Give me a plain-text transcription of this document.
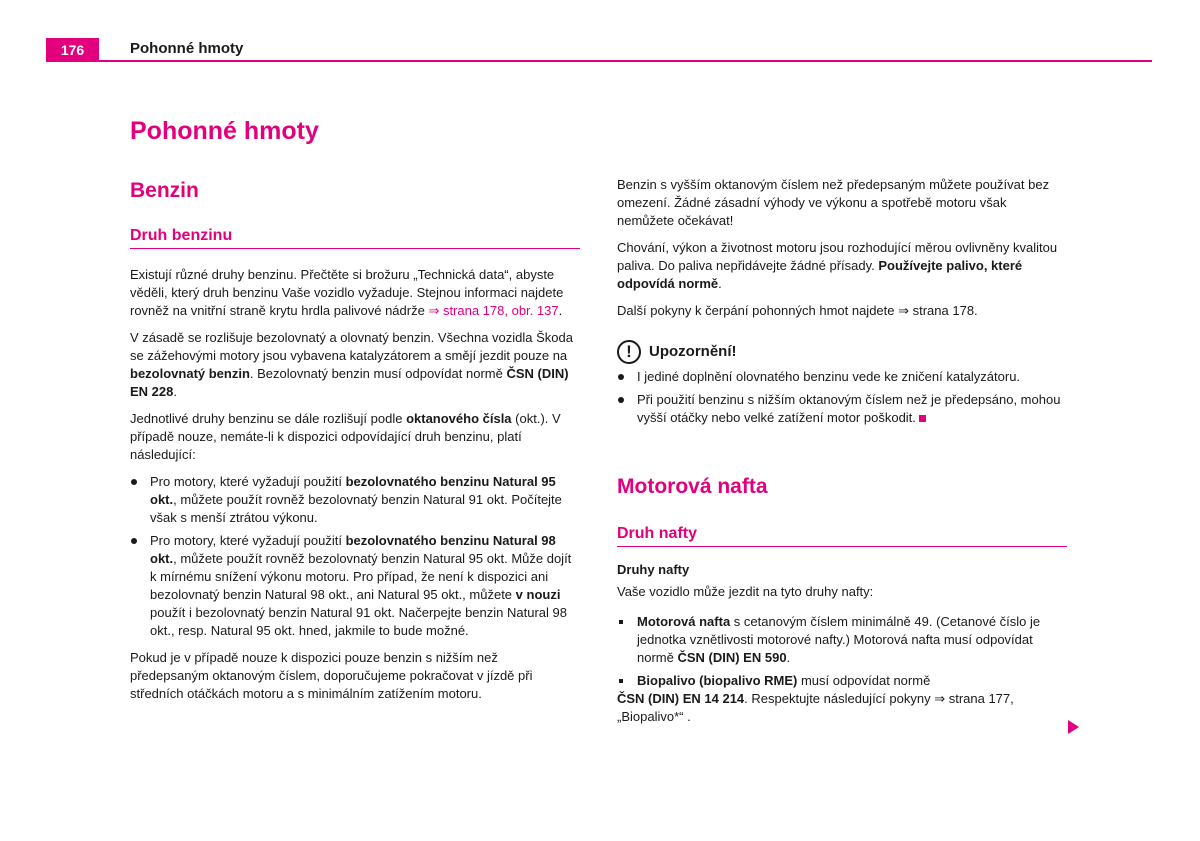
176	Pohonné hmoty
Pohonné hmoty
Benzin
Druh benzinu

Existují různé druhy benzinu. Přečtěte si brožuru „Technická data“, abyste věděli, který druh benzinu Vaše vozidlo vyžaduje. Stejnou informaci najdete rovněž na vnitřní straně krytu hrdla palivové nádrže ⇒ strana 178, obr. 137.

V zásadě se rozlišuje bezolovnatý a olovnatý benzin. Všechna vozidla Škoda se zážehovými motory jsou vybavena katalyzátorem a smějí jezdit pouze na bezolovnatý benzin. Bezolovnatý benzin musí odpovídat normě ČSN (DIN) EN 228.

Jednotlivé druhy benzinu se dále rozlišují podle oktanového čísla (okt.). V případě nouze, nemáte-li k dispozici odpovídající druh benzinu, platí následující:

Pro motory, které vyžadují použití bezolovnatého benzinu Natural 95 okt., můžete použít rovněž bezolovnatý benzin Natural 91 okt. Počítejte však s menší ztrátou výkonu.

Pro motory, které vyžadují použití bezolovnatého benzinu Natural 98 okt., můžete použít rovněž bezolovnatý benzin Natural 95 okt. Může dojít k mírnému snížení výkonu motoru. Pro případ, že není k dispozici ani bezolovnatý benzin Natural 98 okt., ani Natural 95 okt., můžete v nouzi použít i bezolovnatý benzin Natural 91 okt. Načerpejte benzin Natural 98 okt., resp. Natural 95 okt. hned, jakmile to bude možné.

Pokud je v případě nouze k dispozici pouze benzin s nižším než předepsaným oktanovým číslem, doporučujeme pokračovat v jízdě při středních otáčkách motoru a s minimálním zatížením motoru.

Benzin s vyšším oktanovým číslem než předepsaným můžete používat bez omezení. Žádné zásadní výhody ve výkonu a spotřebě motoru však nemůžete očekávat!

Chování, výkon a životnost motoru jsou rozhodující měrou ovlivněny kvalitou paliva. Do paliva nepřidávejte žádné přísady. Používejte palivo, které odpovídá normě.

Další pokyny k čerpání pohonných hmot najdete ⇒ strana 178.

!	Upozornění!

I jediné doplnění olovnatého benzinu vede ke zničení katalyzátoru.

Při použití benzinu s nižším oktanovým číslem než je předepsáno, mohou vyšší otáčky nebo velké zatížení motor poškodit.

Motorová nafta
Druh nafty

Druhy nafty

Vaše vozidlo může jezdit na tyto druhy nafty:

Motorová nafta s cetanovým číslem minimálně 49. (Cetanové číslo je jednotka vznětlivosti motorové nafty.) Motorová nafta musí odpovídat normě ČSN (DIN) EN 590.

Biopalivo (biopalivo RME) musí odpovídat normě

ČSN (DIN) EN 14 214. Respektujte následující pokyny ⇒ strana 177, „Biopalivo*“ .
